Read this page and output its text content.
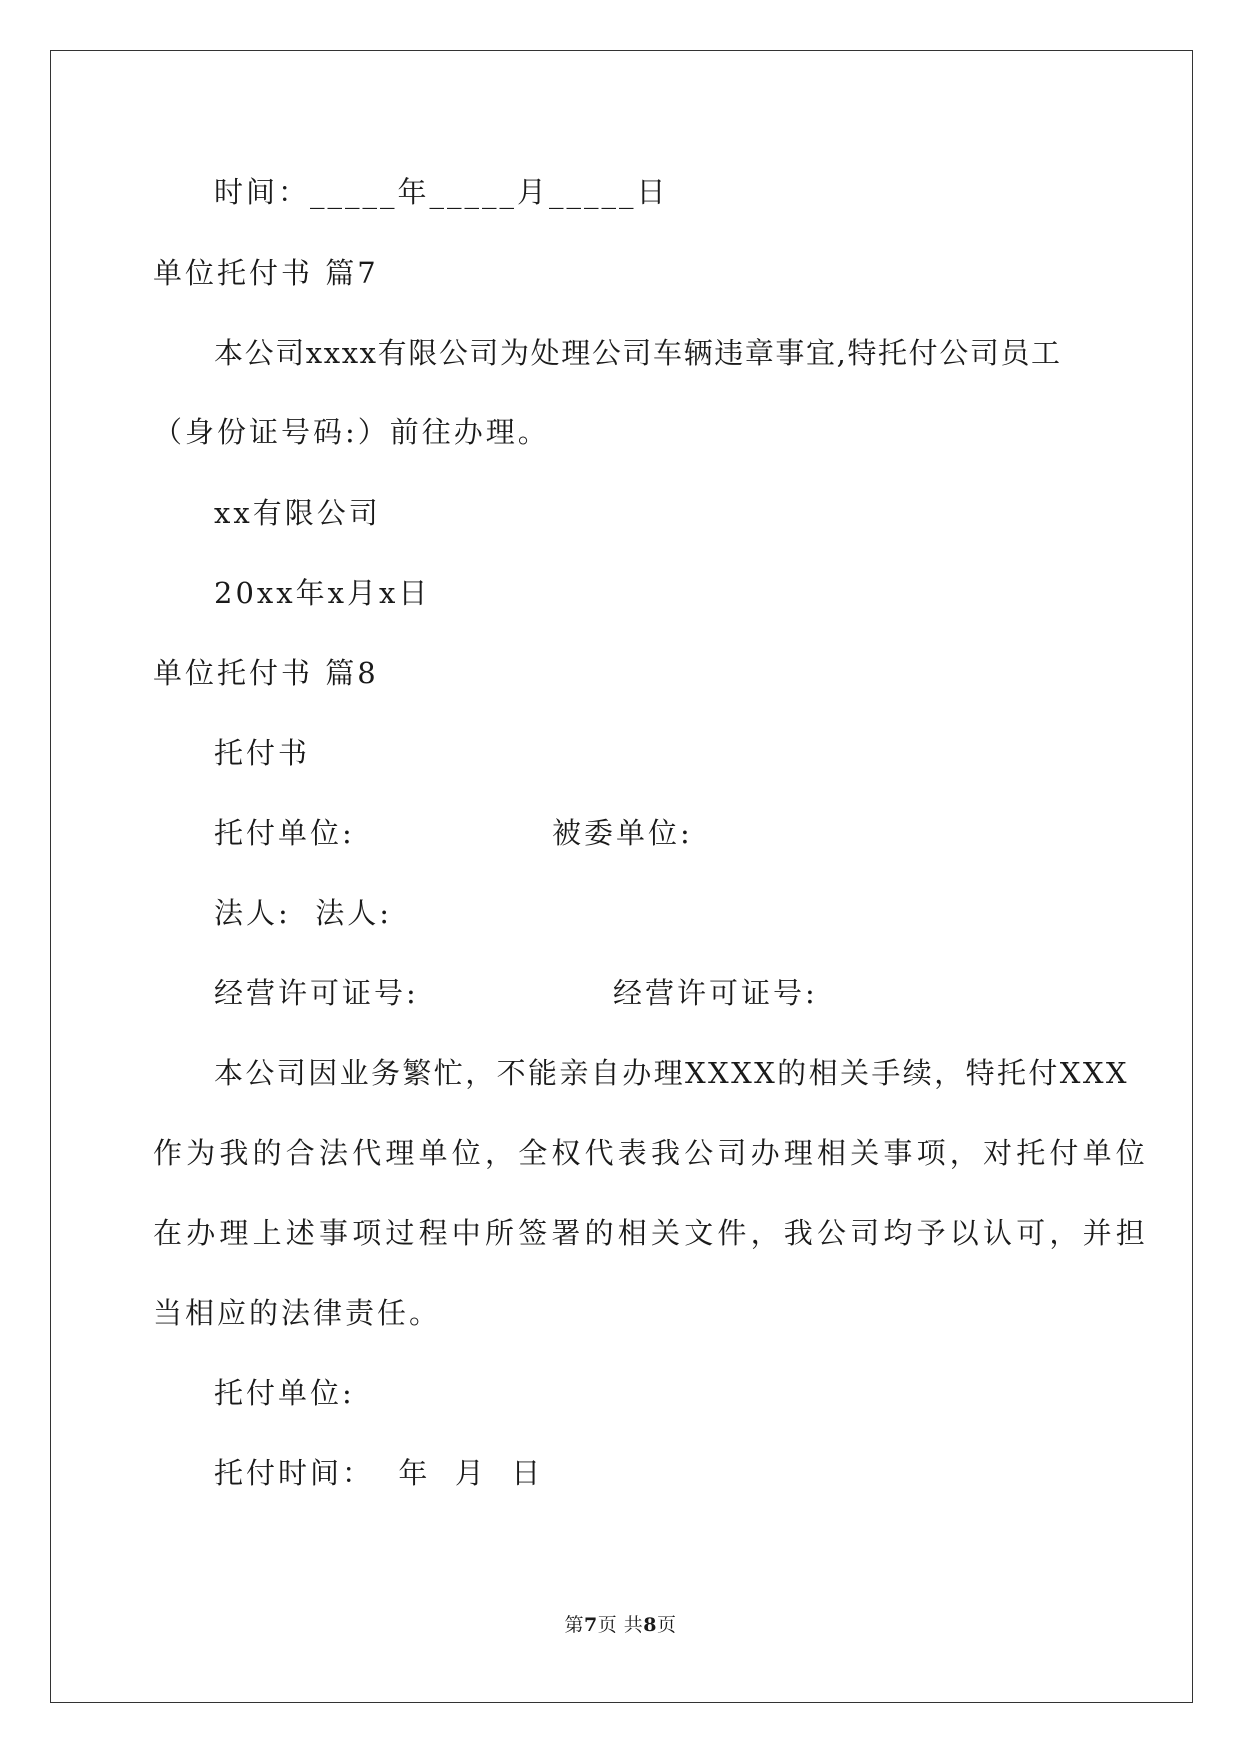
时间：_____年_____月_____日
单位托付书 篇7
本公司xxxx有限公司为处理公司车辆违章事宜,特托付公司员工
（身份证号码:）前往办理。
xx有限公司
20xx年x月x日
单位托付书 篇8
托付书
托付单位:	被委单位:
法人:  法人:
经营许可证号:	经营许可证号:
本公司因业务繁忙，不能亲自办理XXXX的相关手续，特托付XXX
作为我的合法代理单位，全权代表我公司办理相关事项，对托付单位
在办理上述事项过程中所签署的相关文件，我公司均予以认可，并担
当相应的法律责任。
托付单位:
托付时间：  年  月  日
第7页 共8页
